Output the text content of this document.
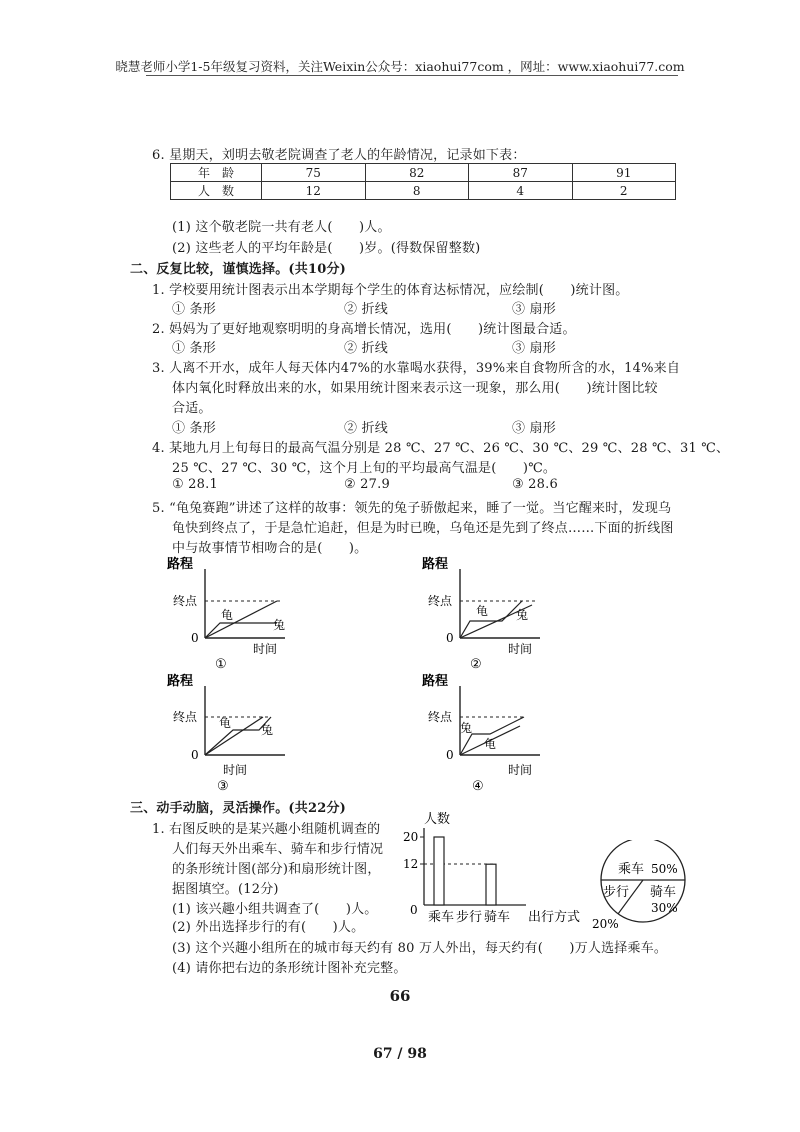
晓慧老师小学1-5年级复习资料，关注Weixin公众号：xiaohui77com ，网址：www.xiaohui77.com
6. 星期天，刘明去敬老院调查了老人的年龄情况，记录如下表：
年　龄	75	82	87	91
人　数	12	8	4	2
(1) 这个敬老院一共有老人(　　)人。
(2) 这些老人的平均年龄是(　　)岁。(得数保留整数)
二、反复比较，谨慎选择。(共10分)
1. 学校要用统计图表示出本学期每个学生的体育达标情况，应绘制(　　)统计图。
① 条形	② 折线	③ 扇形
2. 妈妈为了更好地观察明明的身高增长情况，选用(　　)统计图最合适。
① 条形	② 折线	③ 扇形
3. 人离不开水，成年人每天体内47%的水靠喝水获得，39%来自食物所含的水，14%来自
体内氧化时释放出来的水，如果用统计图来表示这一现象，那么用(　　)统计图比较
合适。
① 条形	② 折线	③ 扇形
4. 某地九月上旬每日的最高气温分别是 28 ℃、27 ℃、26 ℃、30 ℃、29 ℃、28 ℃、31 ℃、
25 ℃、27 ℃、30 ℃，这个月上旬的平均最高气温是(　　)℃。
① 28.1	② 27.9	③ 28.6
5. “龟兔赛跑”讲述了这样的故事：领先的兔子骄傲起来，睡了一觉。当它醒来时，发现乌
龟快到终点了，于是急忙追赶，但是为时已晚，乌龟还是先到了终点……下面的折线图
中与故事情节相吻合的是(　　)。
路程
终点
0
龟
兔
时间
①
路程
终点
0
龟 兔
时间
②
路程
终点
0
龟 兔
时间
③
路程
终点
0
兔
龟
时间
④
三、动手动脑，灵活操作。(共22分)
1. 右图反映的是某兴趣小组随机调查的
人们每天外出乘车、骑车和步行情况
的条形统计图(部分)和扇形统计图，
据图填空。(12分)
(1) 该兴趣小组共调查了(　　)人。
(2) 外出选择步行的有(　　)人。
(3) 这个兴趣小组所在的城市每天约有 80 万人外出，每天约有(　　)万人选择乘车。
(4) 请你把右边的条形统计图补充完整。
人数
20
12
0 乘车 步行 骑车 出行方式
乘车 50%
步行 骑车
30%
20%
66
67 / 98
